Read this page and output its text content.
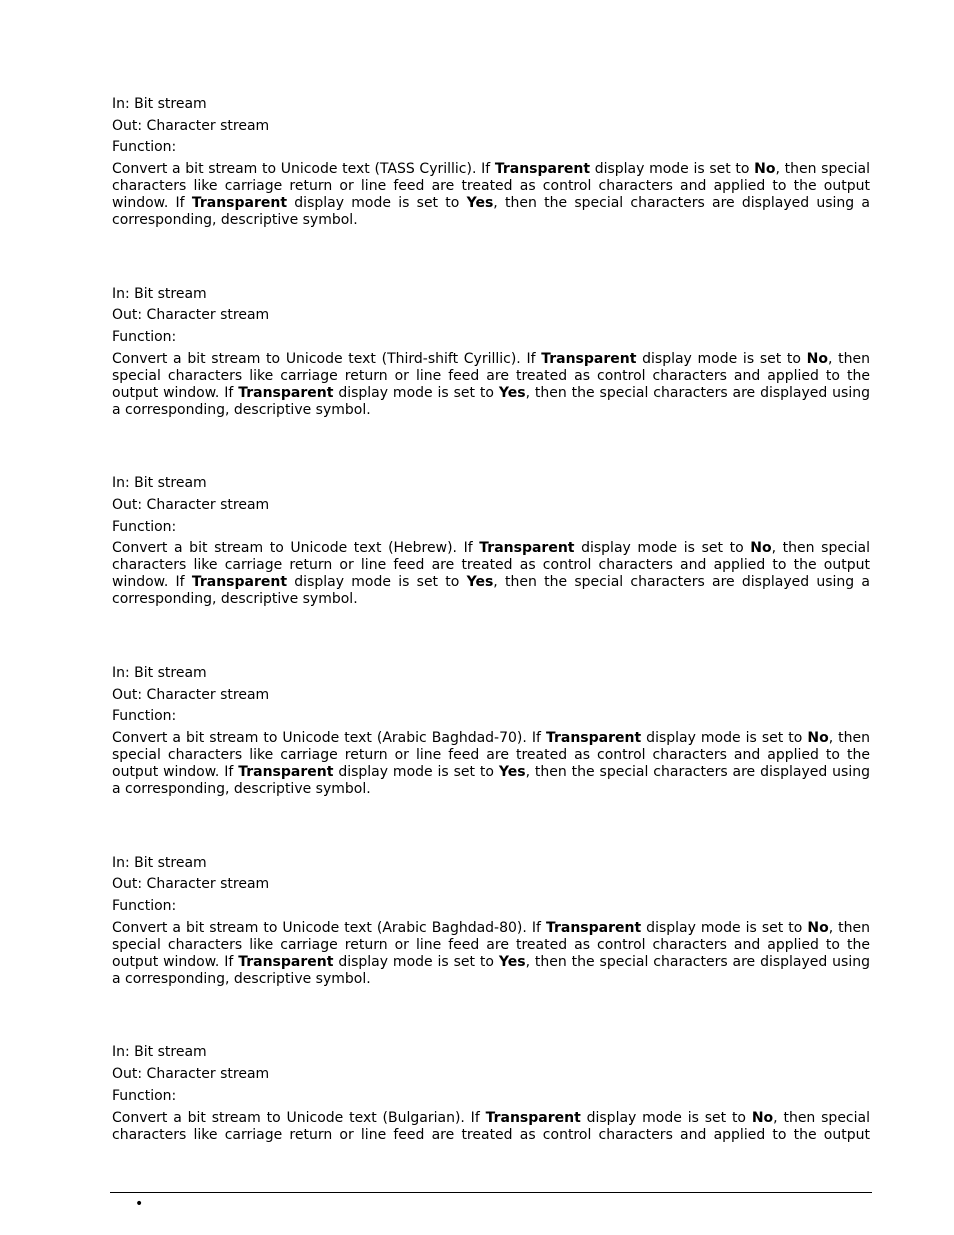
In: Bit stream
Out: Character stream
Function:
Convert a bit stream to Unicode text (TASS Cyrillic). If Transparent display mode is set to No, then special characters like carriage return or line feed are treated as control characters and applied to the output window. If Transparent display mode is set to Yes, then the special characters are displayed using a corresponding, descriptive symbol.
In: Bit stream
Out: Character stream
Function:
Convert a bit stream to Unicode text (Third-shift Cyrillic). If Transparent display mode is set to No, then special characters like carriage return or line feed are treated as control characters and applied to the output window. If Transparent display mode is set to Yes, then the special characters are displayed using a corresponding, descriptive symbol.
In: Bit stream
Out: Character stream
Function:
Convert a bit stream to Unicode text (Hebrew). If Transparent display mode is set to No, then special characters like carriage return or line feed are treated as control characters and applied to the output window. If Transparent display mode is set to Yes, then the special characters are displayed using a corresponding, descriptive symbol.
In: Bit stream
Out: Character stream
Function:
Convert a bit stream to Unicode text (Arabic Baghdad-70). If Transparent display mode is set to No, then special characters like carriage return or line feed are treated as control characters and applied to the output window. If Transparent display mode is set to Yes, then the special characters are displayed using a corresponding, descriptive symbol.
In: Bit stream
Out: Character stream
Function:
Convert a bit stream to Unicode text (Arabic Baghdad-80). If Transparent display mode is set to No, then special characters like carriage return or line feed are treated as control characters and applied to the output window. If Transparent display mode is set to Yes, then the special characters are displayed using a corresponding, descriptive symbol.
In: Bit stream
Out: Character stream
Function:
Convert a bit stream to Unicode text (Bulgarian). If Transparent display mode is set to No, then special characters like carriage return or line feed are treated as control characters and applied to the output
•
